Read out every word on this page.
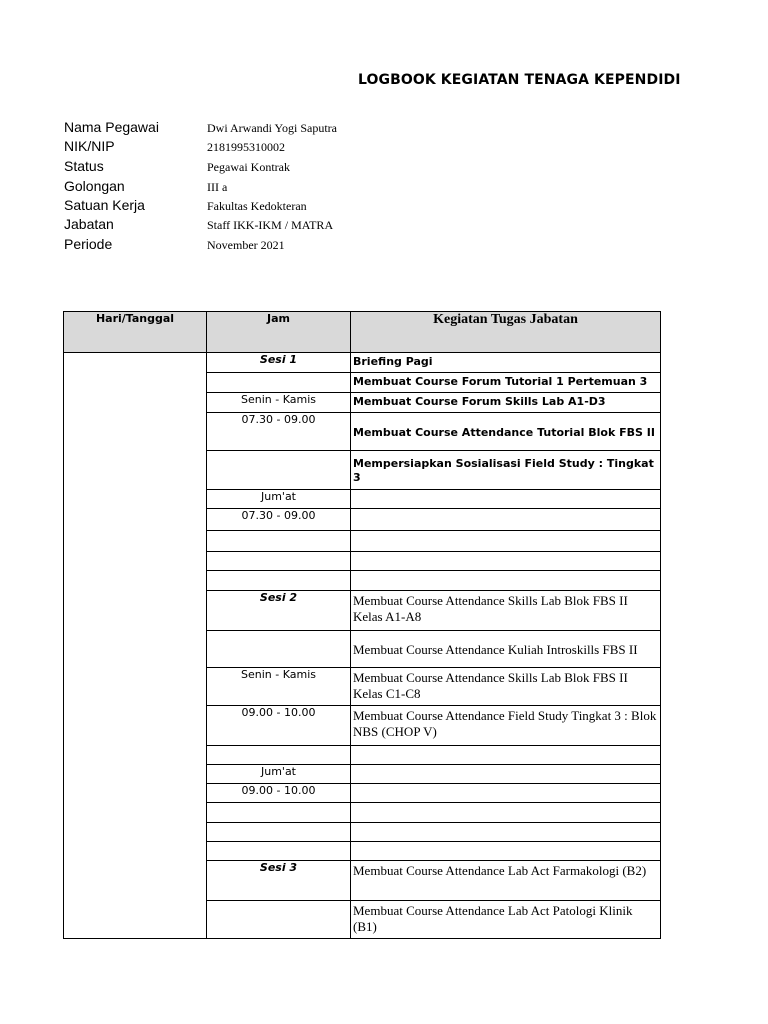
LOGBOOK KEGIATAN TENAGA KEPENDIDI
Nama Pegawai	Dwi Arwandi Yogi Saputra
NIK/NIP	2181995310002
Status	Pegawai Kontrak
Golongan	III a
Satuan Kerja	Fakultas Kedokteran
Jabatan	Staff IKK-IKM / MATRA
Periode	November 2021
Hari/Tanggal	Jam	Kegiatan Tugas Jabatan
	Sesi 1	Briefing Pagi
		Membuat Course Forum Tutorial 1 Pertemuan 3
	Senin - Kamis	Membuat Course Forum Skills Lab A1-D3
	07.30 - 09.00	Membuat Course Attendance Tutorial Blok FBS II
		Mempersiapkan Sosialisasi Field Study : Tingkat 3
	Jum'at	
	07.30 - 09.00	

	Sesi 2	Membuat Course Attendance Skills Lab Blok FBS II Kelas A1-A8
		Membuat Course Attendance Kuliah Introskills FBS II
	Senin - Kamis	Membuat Course Attendance Skills Lab Blok FBS II Kelas C1-C8
	09.00 - 10.00	Membuat Course Attendance Field Study Tingkat 3 : Blok NBS (CHOP V)

	Jum'at	
	09.00 - 10.00	

	Sesi 3	Membuat Course Attendance Lab Act Farmakologi (B2)
		Membuat Course Attendance Lab Act Patologi Klinik (B1)
